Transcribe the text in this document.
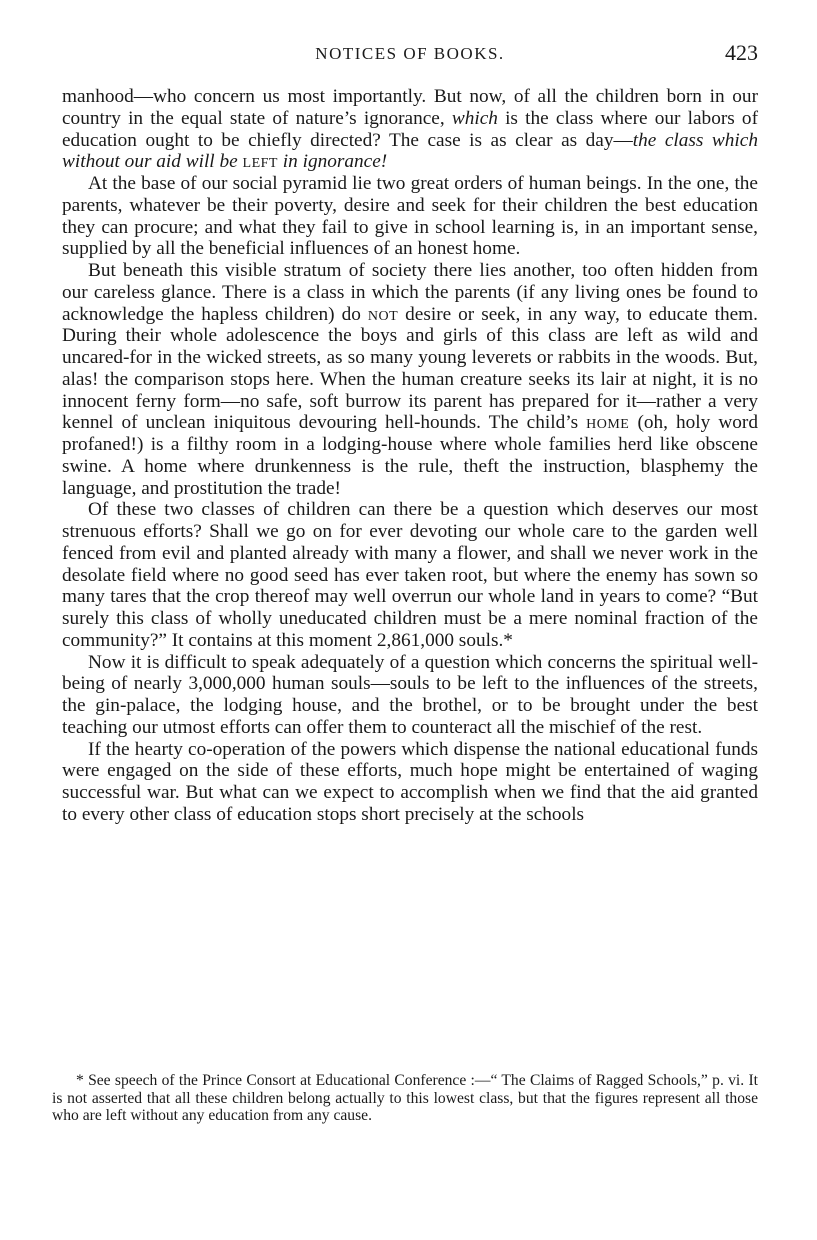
NOTICES OF BOOKS.	423

manhood—who concern us most importantly. But now, of all the children born in our country in the equal state of nature’s ignorance, which is the class where our labors of education ought to be chiefly directed? The case is as clear as day—the class which without our aid will be left in ignorance!

At the base of our social pyramid lie two great orders of human beings. In the one, the parents, whatever be their poverty, desire and seek for their children the best education they can procure; and what they fail to give in school learning is, in an important sense, supplied by all the beneficial influences of an honest home.

But beneath this visible stratum of society there lies another, too often hidden from our careless glance. There is a class in which the parents (if any living ones be found to acknowledge the hapless children) do not desire or seek, in any way, to educate them. During their whole adolescence the boys and girls of this class are left as wild and uncared-for in the wicked streets, as so many young leverets or rabbits in the woods. But, alas! the comparison stops here. When the human creature seeks its lair at night, it is no innocent ferny form—no safe, soft burrow its parent has prepared for it—rather a very kennel of unclean iniquitous devouring hell-hounds. The child’s home (oh, holy word profaned!) is a filthy room in a lodging-house where whole families herd like obscene swine. A home where drunkenness is the rule, theft the instruction, blasphemy the language, and prostitution the trade!

Of these two classes of children can there be a question which deserves our most strenuous efforts? Shall we go on for ever devoting our whole care to the garden well fenced from evil and planted already with many a flower, and shall we never work in the desolate field where no good seed has ever taken root, but where the enemy has sown so many tares that the crop thereof may well overrun our whole land in years to come? “But surely this class of wholly uneducated children must be a mere nominal fraction of the community?” It contains at this moment 2,861,000 souls.*

Now it is difficult to speak adequately of a question which concerns the spiritual well-being of nearly 3,000,000 human souls—souls to be left to the influences of the streets, the gin-palace, the lodging house, and the brothel, or to be brought under the best teaching our utmost efforts can offer them to counteract all the mischief of the rest.

If the hearty co-operation of the powers which dispense the national educational funds were engaged on the side of these efforts, much hope might be entertained of waging successful war. But what can we expect to accomplish when we find that the aid granted to every other class of education stops short precisely at the schools

* See speech of the Prince Consort at Educational Conference :—“ The Claims of Ragged Schools,” p. vi. It is not asserted that all these children belong actually to this lowest class, but that the figures represent all those who are left without any education from any cause.
